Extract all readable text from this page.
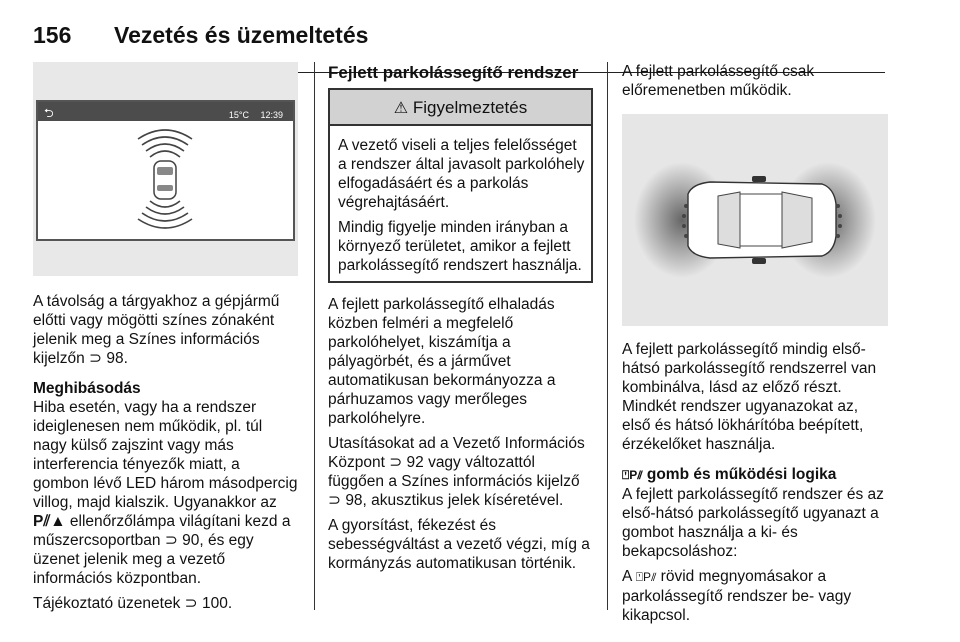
156 Vezetés és üzemeltetés
⮌	15°C 12:39

A távolság a tárgyakhoz a gépjármű előtti vagy mögötti színes zónaként jelenik meg a Színes információs kijelzőn ⊃ 98.

Meghibásodás

Hiba esetén, vagy ha a rendszer ideiglenesen nem működik, pl. túl nagy külső zajszint vagy más interferencia tényezők miatt, a gombon lévő LED három másodpercig villog, majd kialszik. Ugyanakkor az P⫽▲ ellenőrzőlámpa világítani kezd a műszercsoportban ⊃ 90, és egy üzenet jelenik meg a vezető információs központban.

Tájékoztató üzenetek ⊃ 100.

Fejlett parkolássegítő rendszer

⚠ Figyelmeztetés

A vezető viseli a teljes felelősséget a rendszer által javasolt parkolóhely elfogadásáért és a parkolás végrehajtásáért.

Mindig figyelje minden irányban a környező területet, amikor a fejlett parkolássegítő rendszert használja.

A fejlett parkolássegítő elhaladás közben felméri a megfelelő parkolóhelyet, kiszámítja a pályagörbét, és a járművet automatikusan bekormányozza a párhuzamos vagy merőleges parkolóhelyre.

Utasításokat ad a Vezető Információs Központ ⊃ 92 vagy változattól függően a Színes információs kijelző
⊃ 98, akusztikus jelek kíséretével.

A gyorsítást, fékezést és sebességváltást a vezető végzi, míg a kormányzás automatikusan történik.

A fejlett parkolássegítő csak előremenetben működik.

A fejlett parkolássegítő mindig első-hátsó parkolássegítő rendszerrel van kombinálva, lásd az előző részt. Mindkét rendszer ugyanazokat az, első és hátsó lökhárítóba beépített, érzékelőket használja.

⍞P⫽ gomb és működési logika

A fejlett parkolássegítő rendszer és az első-hátsó parkolássegítő ugyanazt a gombot használja a ki- és bekapcsoláshoz:

A ⍞P⫽ rövid megnyomásakor a parkolássegítő rendszer be- vagy kikapcsol.
